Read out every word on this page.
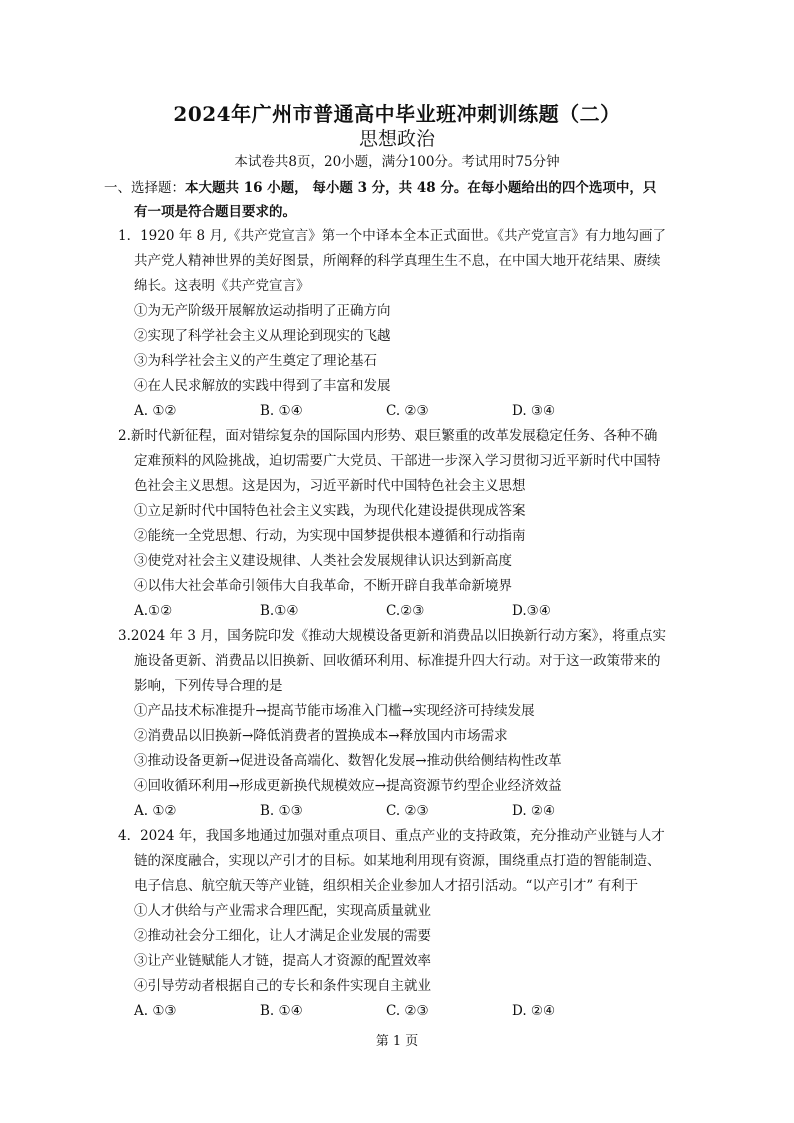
2024年广州市普通高中毕业班冲刺训练题（二）
思想政治
本试卷共8页，20小题，满分100分。考试用时75分钟
一、选择题：本大题共 16 小题， 每小题 3 分，共 48 分。在每小题给出的四个选项中，只
有一项是符合题目要求的。
1．1920 年 8 月,《共产党宣言》第一个中译本全本正式面世。《共产党宣言》有力地勾画了
共产党人精神世界的美好图景，所阐释的科学真理生生不息，在中国大地开花结果、赓续
绵长。这表明《共产党宣言》
①为无产阶级开展解放运动指明了正确方向
②实现了科学社会主义从理论到现实的飞越
③为科学社会主义的产生奠定了理论基石
④在人民求解放的实践中得到了丰富和发展
A. ①②	B. ①④	C. ②③	D. ③④
2.新时代新征程，面对错综复杂的国际国内形势、艰巨繁重的改革发展稳定任务、各种不确
定难预料的风险挑战，迫切需要广大党员、干部进一步深入学习贯彻习近平新时代中国特
色社会主义思想。这是因为，习近平新时代中国特色社会主义思想
①立足新时代中国特色社会主义实践，为现代化建设提供现成答案
②能统一全党思想、行动，为实现中国梦提供根本遵循和行动指南
③使党对社会主义建设规律、人类社会发展规律认识达到新高度
④以伟大社会革命引领伟大自我革命，不断开辟自我革命新境界
A.①②	B.①④	C.②③	D.③④
3.2024 年 3 月，国务院印发《推动大规模设备更新和消费品以旧换新行动方案》，将重点实
施设备更新、消费品以旧换新、回收循环利用、标准提升四大行动。对于这一政策带来的
影响，下列传导合理的是
①产品技术标准提升→提高节能市场准入门槛→实现经济可持续发展
②消费品以旧换新→降低消费者的置换成本→释放国内市场需求
③推动设备更新→促进设备高端化、数智化发展→推动供给侧结构性改革
④回收循环利用→形成更新换代规模效应→提高资源节约型企业经济效益
A. ①②	B. ①③	C. ②③	D. ②④
4．2024 年，我国多地通过加强对重点项目、重点产业的支持政策，充分推动产业链与人才
链的深度融合，实现以产引才的目标。如某地利用现有资源，围绕重点打造的智能制造、
电子信息、航空航天等产业链，组织相关企业参加人才招引活动。“以产引才” 有利于
①人才供给与产业需求合理匹配，实现高质量就业
②推动社会分工细化，让人才满足企业发展的需要
③让产业链赋能人才链，提高人才资源的配置效率
④引导劳动者根据自己的专长和条件实现自主就业
A. ①③	B. ①④	C. ②③	D. ②④
第 1 页
